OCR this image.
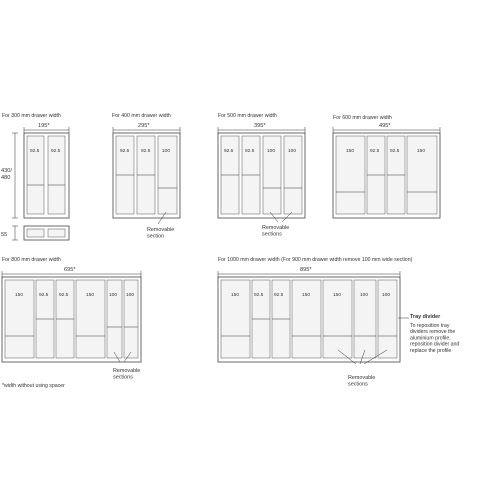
For 300 mm drawer width
195*
92.5 92.5
430/ 480
55
For 400 mm drawer width
295*
92.5 92.5 100
Removable section
For 500 mm drawer width
395*
92.5 92.5	100	100
Removable sections
For 600 mm drawer width
495*
150	92.5 92.5	150
For 800 mm drawer width
695*
150	92.5 92.5	150	100 100
Removable sections
*width without using spacer
For 1000 mm drawer width (For 900 mm drawer width remove 100 mm wide section)
895*
150	92.5 92.5	150	150	100	100
Removable sections
Tray divider
To reposition tray dividers remove the aluminium profile, reposition divider and replace the profile
